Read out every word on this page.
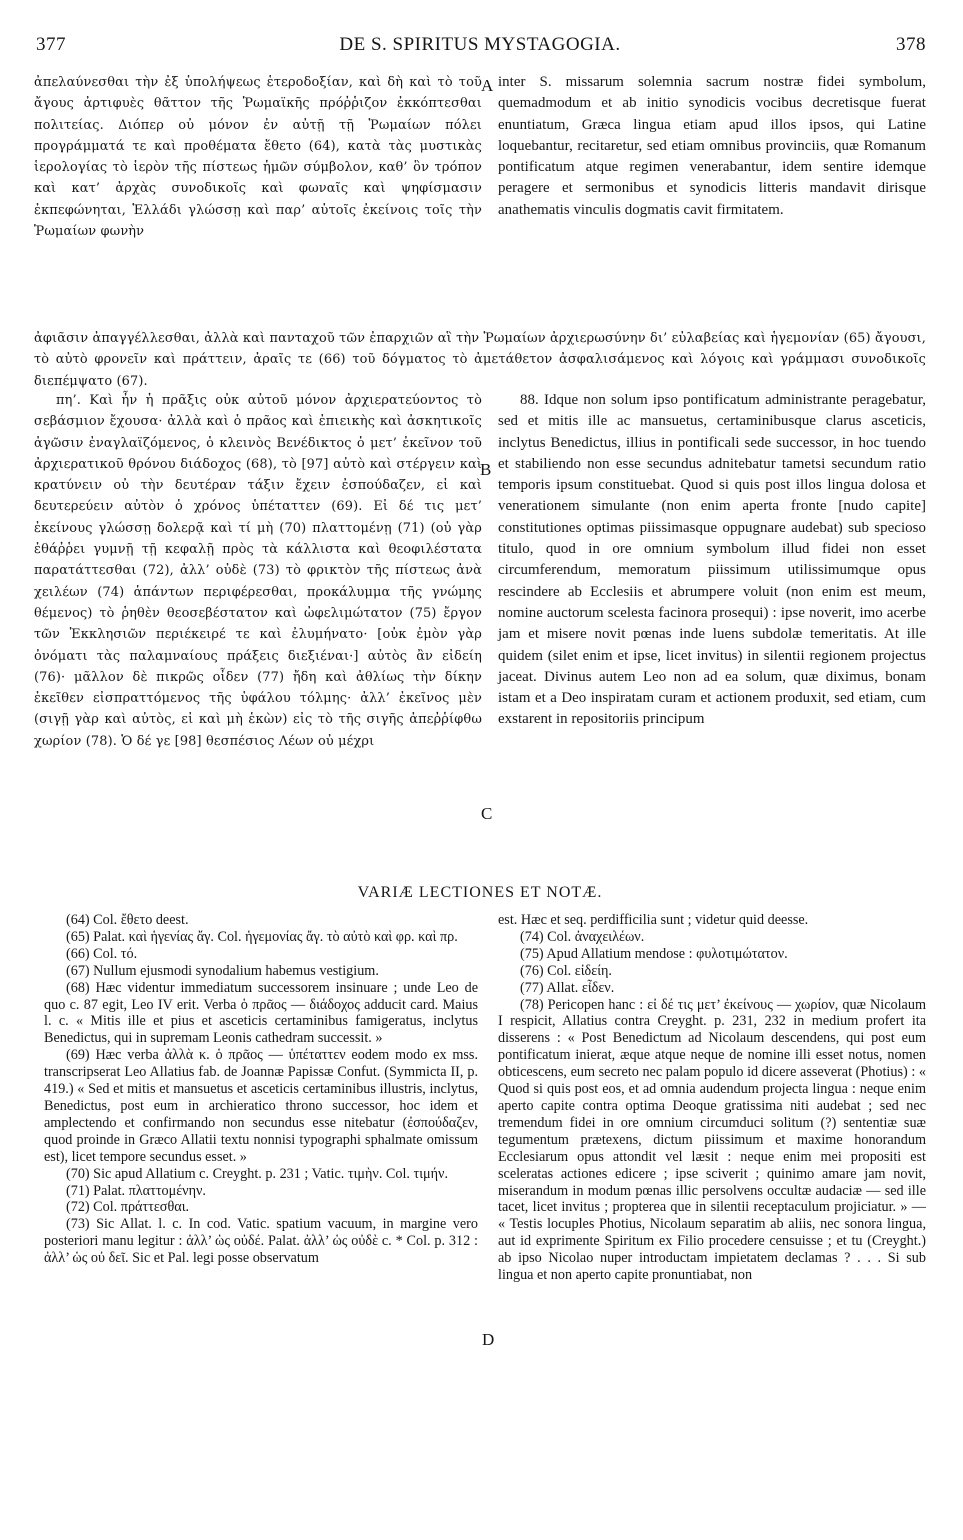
377	DE S. SPIRITUS MYSTAGOGIA.	378

ἀπελαύνεσθαι τὴν ἐξ ὑπολήψεως ἑτεροδοξίαν, καὶ δὴ καὶ τὸ τοῦ ἄγους ἀρτιφυὲς θᾶττον τῆς Ῥωμαϊκῆς πρόῤῥιζον ἐκκόπτεσθαι πολιτείας. Διόπερ οὐ μόνον ἐν αὐτῇ τῇ Ῥωμαίων πόλει προγράμματά τε καὶ προθέματα ἔθετο (64), κατὰ τὰς μυστικὰς ἱερολογίας τὸ ἱερὸν τῆς πίστεως ἡμῶν σύμβολον, καθ’ ὃν τρόπον καὶ κατ’ ἀρχὰς συνοδικοῖς καὶ φωναῖς καὶ ψηφίσμασιν ἐκπεφώνηται, Ἑλλάδι γλώσσῃ καὶ παρ’ αὐτοῖς ἐκείνοις τοῖς τὴν Ῥωμαίων φωνὴν

inter S. missarum solemnia sacrum nostræ fidei symbolum, quemadmodum et ab initio synodicis vocibus decretisque fuerat enuntiatum, Græca lingua etiam apud illos ipsos, qui Latine loquebantur, recitaretur, sed etiam omnibus provinciis, quæ Romanum pontificatum atque regimen venerabantur, idem sentire idemque peragere et sermonibus et synodicis litteris mandavit dirisque anathematis vinculis dogmatis cavit firmitatem.

ἀφιᾶσιν ἀπαγγέλλεσθαι, ἀλλὰ καὶ πανταχοῦ τῶν ἐπαρχιῶν αἳ τὴν Ῥωμαίων ἀρχιερωσύνην δι’ εὐλαβείας καὶ ἡγεμονίαν (65) ἄγουσι, τὸ αὐτὸ φρονεῖν καὶ πράττειν, ἀραῖς τε (66) τοῦ δόγματος τὸ ἀμετάθετον ἀσφαλισάμενος καὶ λόγοις καὶ γράμμασι συνοδικοῖς διεπέμψατο (67).

πη’. Καὶ ἦν ἡ πρᾶξις οὐκ αὐτοῦ μόνον ἀρχιερατεύοντος τὸ σεβάσμιον ἔχουσα· ἀλλὰ καὶ ὁ πρᾶος καὶ ἐπιεικὴς καὶ ἀσκητικοῖς ἀγῶσιν ἐναγλαϊζόμενος, ὁ κλεινὸς Βενέδικτος ὁ μετ’ ἐκεῖνον τοῦ ἀρχιερατικοῦ θρόνου διάδοχος (68), τὸ [97] αὐτὸ καὶ στέργειν καὶ κρατύνειν οὐ τὴν δευτέραν τάξιν ἔχειν ἐσπούδαζεν, εἰ καὶ δευτερεύειν αὐτὸν ὁ χρόνος ὑπέταττεν (69). Εἰ δέ τις μετ’ ἐκείνους γλώσσῃ δολερᾷ καὶ τί μὴ (70) πλαττομένῃ (71) (οὐ γὰρ ἐθάῤῥει γυμνῇ τῇ κεφαλῇ πρὸς τὰ κάλλιστα καὶ θεοφιλέστατα παρατάττεσθαι (72), ἀλλ’ οὐδὲ (73) τὸ φρικτὸν τῆς πίστεως ἀνὰ χειλέων (74) ἁπάντων περιφέρεσθαι, προκάλυμμα τῆς γνώμης θέμενος) τὸ ῥηθὲν θεοσεβέστατον καὶ ὠφελιμώτατον (75) ἔργον τῶν Ἐκκλησιῶν περιέκειρέ τε καὶ ἐλυμήνατο· [οὐκ ἐμὸν γὰρ ὀνόματι τὰς παλαμναίους πράξεις διεξιέναι·] αὐτὸς ἂν εἰδείη (76)· μᾶλλον δὲ πικρῶς οἶδεν (77) ἤδη καὶ ἀθλίως τὴν δίκην ἐκεῖθεν εἰσπραττόμενος τῆς ὑφάλου τόλμης· ἀλλ’ ἐκεῖνος μὲν (σιγῇ γὰρ καὶ αὐτὸς, εἰ καὶ μὴ ἑκὼν) εἰς τὸ τῆς σιγῆς ἀπεῤῥίφθω χωρίον (78). Ὁ δέ γε [98] θεσπέσιος Λέων οὐ μέχρι

88. Idque non solum ipso pontificatum administrante peragebatur, sed et mitis ille ac mansuetus, certaminibusque clarus asceticis, inclytus Benedictus, illius in pontificali sede successor, in hoc tuendo et stabiliendo non esse secundus adnitebatur tametsi secundum ratio temporis ipsum constituebat. Quod si quis post illos lingua dolosa et venerationem simulante (non enim aperta fronte [nudo capite] constitutiones optimas piissimasque oppugnare audebat) sub specioso titulo, quod in ore omnium symbolum illud fidei non esset circumferendum, memoratum piissimum utilissimumque opus rescindere ab Ecclesiis et abrumpere voluit (non enim est meum, nomine auctorum scelesta facinora prosequi) : ipse noverit, imo acerbe jam et misere novit pœnas inde luens subdolæ temeritatis. At ille quidem (silet enim et ipse, licet invitus) in silentii regionem projectus jaceat. Divinus autem Leo non ad ea solum, quæ diximus, bonam istam et a Deo inspiratam curam et actionem produxit, sed etiam, cum exstarent in repositoriis principum

A
B
C
D
VARIÆ LECTIONES ET NOTÆ.

(64) Col. ἔθετο deest.

(65) Palat. καὶ ἡγενίας ἄγ. Col. ἡγεμονίας ἄγ. τὸ αὐτὸ καὶ φρ. καὶ πρ.

(66) Col. τό.

(67) Nullum ejusmodi synodalium habemus vestigium.

(68) Hæc videntur immediatum successorem insinuare ; unde Leo de quo c. 87 egit, Leo IV erit. Verba ὁ πρᾶος — διάδοχος adducit card. Maius l. c. « Mitis ille et pius et asceticis certaminibus famigeratus, inclytus Benedictus, qui in supremam Leonis cathedram successit. »

(69) Hæc verba ἀλλὰ κ. ὁ πρᾶος — ὑπέταττεν eodem modo ex mss. transcripserat Leo Allatius fab. de Joannæ Papissæ Confut. (Symmicta II, p. 419.) « Sed et mitis et mansuetus et asceticis certaminibus illustris, inclytus, Benedictus, post eum in archieratico throno successor, hoc idem et amplectendo et confirmando non secundus esse nitebatur (ἐσπούδαζεν, quod proinde in Græco Allatii textu nonnisi typographi sphalmate omissum est), licet tempore secundus esset. »

(70) Sic apud Allatium c. Creyght. p. 231 ; Vatic. τιμὴν. Col. τιμήν.

(71) Palat. πλαττομένην.

(72) Col. πράττεσθαι.

(73) Sic Allat. l. c. In cod. Vatic. spatium vacuum, in margine vero posteriori manu legitur : ἀλλ’ ὡς οὐδέ. Palat. ἀλλ’ ὡς οὐδὲ c. * Col. p. 312 : ἀλλ’ ὡς οὐ δεῖ. Sic et Pal. legi posse observatum

est. Hæc et seq. perdifficilia sunt ; videtur quid deesse.

(74) Col. ἀναχειλέων.

(75) Apud Allatium mendose : φυλοτιμώτατον.

(76) Col. εἰδείη.

(77) Allat. εἶδεν.

(78) Pericopen hanc : εἰ δέ τις μετ’ ἐκείνους — χωρίον, quæ Nicolaum I respicit, Allatius contra Creyght. p. 231, 232 in medium profert ita disserens : « Post Benedictum ad Nicolaum descendens, qui post eum pontificatum inierat, æque atque neque de nomine illi esset notus, nomen obticescens, eum secreto nec palam populo id dicere asseverat (Photius) : « Quod si quis post eos, et ad omnia audendum projecta lingua : neque enim aperto capite contra optima Deoque gratissima niti audebat ; sed nec tremendum fidei in ore omnium circumduci solitum (?) sententiæ suæ tegumentum prætexens, dictum piissimum et maxime honorandum Ecclesiarum opus attondit vel læsit : neque enim mei propositi est sceleratas actiones edicere ; ipse sciverit ; quinimo amare jam novit, miserandum in modum pœnas illic persolvens occultæ audaciæ — sed ille tacet, licet invitus ; propterea que in silentii receptaculum projiciatur. » — « Testis locuples Photius, Nicolaum separatim ab aliis, nec sonora lingua, aut id exprimente Spiritum ex Filio procedere censuisse ; et tu (Creyght.) ab ipso Nicolao nuper introductam impietatem declamas ? . . . Si sub lingua et non aperto capite pronuntiabat, non
